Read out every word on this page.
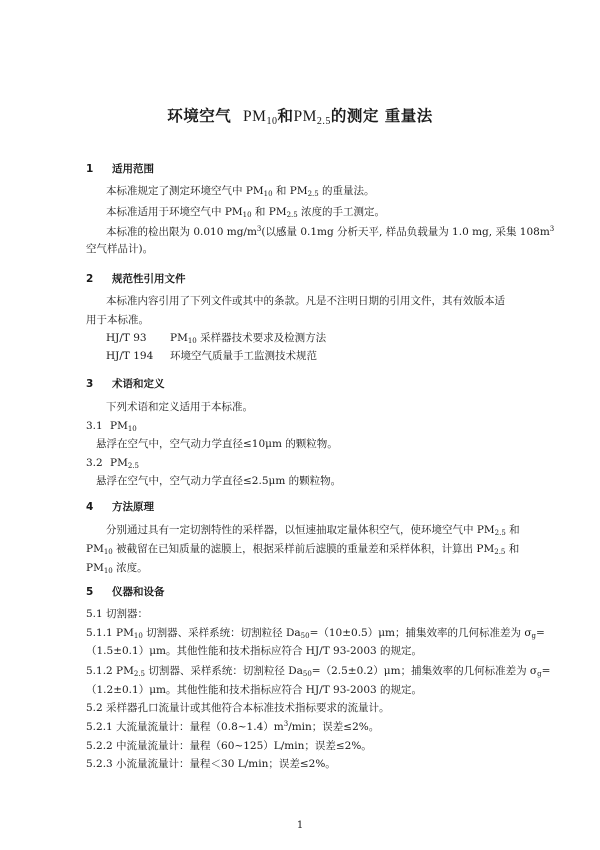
环境空气 $PM_{10}$和$PM_{2.5}$的测定 重量法
1 适用范围
本标准规定了测定环境空气中 $PM_{10}$ 和 $PM_{2.5}$ 的重量法。
本标准适用于环境空气中 $PM_{10}$ 和 $PM_{2.5}$ 浓度的手工测定。
本标准的检出限为 0.010 $mg/m^3$(以感量 0.1mg 分析天平, 样品负载量为 1.0 mg, 采集 $108m^3$
空气样品计)。
2 规范性引用文件
本标准内容引用了下列文件或其中的条款。凡是不注明日期的引用文件，其有效版本适
用于本标准。
HJ/T 93 $PM_{10}$ 采样器技术要求及检测方法
HJ/T 194 环境空气质量手工监测技术规范
3 术语和定义
下列术语和定义适用于本标准。
3.1 $PM_{10}$
悬浮在空气中，空气动力学直径≤10μm 的颗粒物。
3.2 $PM_{2.5}$
悬浮在空气中，空气动力学直径≤2.5μm 的颗粒物。
4 方法原理
分别通过具有一定切割特性的采样器，以恒速抽取定量体积空气，使环境空气中 $PM_{2.5}$ 和
$PM_{10}$ 被截留在已知质量的滤膜上，根据采样前后滤膜的重量差和采样体积，计算出 $PM_{2.5}$ 和
$PM_{10}$ 浓度。
5 仪器和设备
5.1 切割器：
5.1.1 $PM_{10}$ 切割器、采样系统：切割粒径 $Da_{50}=(10\pm 0.5)\mu m$；捕集效率的几何标准差为 $\sigma_g=$
（1.5±0.1）μm。其他性能和技术指标应符合 HJ/T 93-2003 的规定。
5.1.2 $PM_{2.5}$ 切割器、采样系统：切割粒径 $Da_{50}=(2.5\pm 0.2)\mu m$；捕集效率的几何标准差为 $\sigma_g=$
（1.2±0.1）μm。其他性能和技术指标应符合 HJ/T 93-2003 的规定。
5.2 采样器孔口流量计或其他符合本标准技术指标要求的流量计。
5.2.1 大流量流量计：量程$(0.8\sim 1.4)m^3/\min$；误差≤2%。
5.2.2 中流量流量计：量程（60~125）L/min；误差≤2%。
5.2.3 小流量流量计：量程＜30 L/min；误差≤2%。
1
